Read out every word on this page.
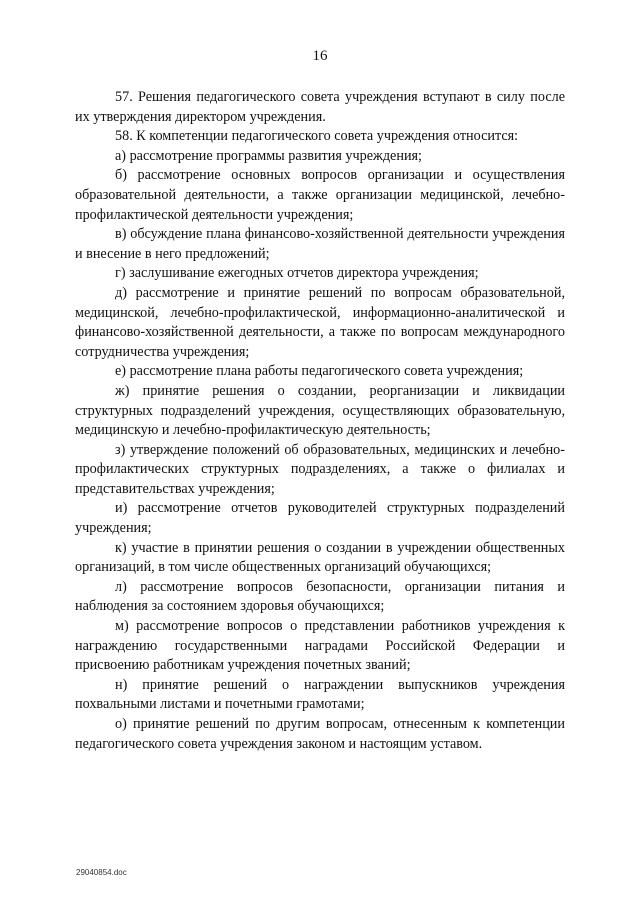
16

57. Решения педагогического совета учреждения вступают в силу после их утверждения директором учреждения.

58. К компетенции педагогического совета учреждения относится:

а) рассмотрение программы развития учреждения;

б) рассмотрение основных вопросов организации и осуществления образовательной деятельности, а также организации медицинской, лечебно-профилактической деятельности учреждения;

в) обсуждение плана финансово-хозяйственной деятельности учреждения и внесение в него предложений;

г) заслушивание ежегодных отчетов директора учреждения;

д) рассмотрение и принятие решений по вопросам образовательной, медицинской, лечебно-профилактической, информационно-аналитической и финансово-хозяйственной деятельности, а также по вопросам международного сотрудничества учреждения;

е) рассмотрение плана работы педагогического совета учреждения;

ж) принятие решения о создании, реорганизации и ликвидации структурных подразделений учреждения, осуществляющих образовательную, медицинскую и лечебно-профилактическую деятельность;

з) утверждение положений об образовательных, медицинских и лечебно-профилактических структурных подразделениях, а также о филиалах и представительствах учреждения;

и) рассмотрение отчетов руководителей структурных подразделений учреждения;

к) участие в принятии решения о создании в учреждении общественных организаций, в том числе общественных организаций обучающихся;

л) рассмотрение вопросов безопасности, организации питания и наблюдения за состоянием здоровья обучающихся;

м) рассмотрение вопросов о представлении работников учреждения к награждению государственными наградами Российской Федерации и присвоению работникам учреждения почетных званий;

н) принятие решений о награждении выпускников учреждения похвальными листами и почетными грамотами;

о) принятие решений по другим вопросам, отнесенным к компетенции педагогического совета учреждения законом и настоящим уставом.

29040854.doc
